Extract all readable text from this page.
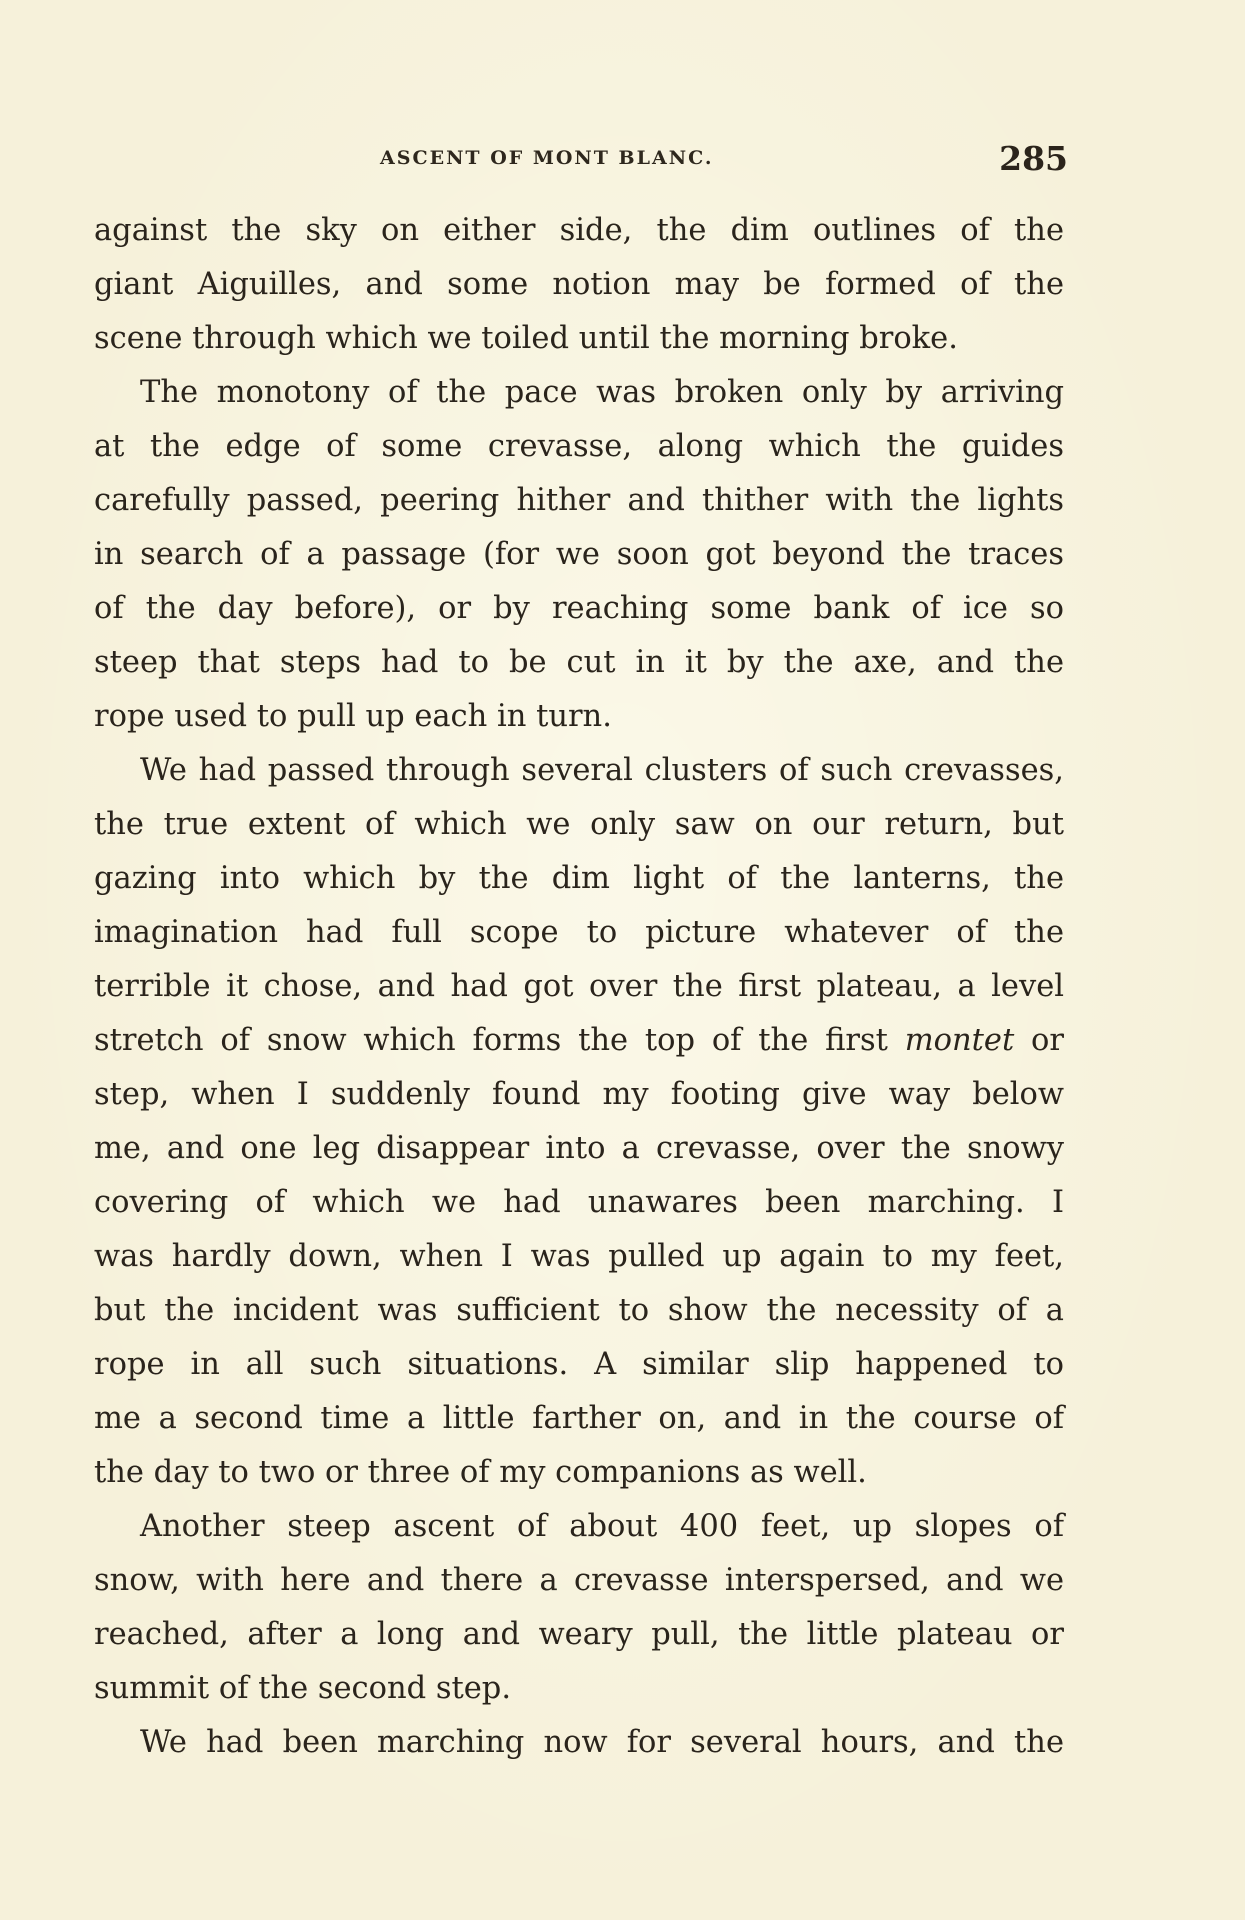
ASCENT OF MONT BLANC.	285
against the sky on either side, the dim outlines of the
giant Aiguilles, and some notion may be formed of the
scene through which we toiled until the morning broke.
The monotony of the pace was broken only by arriving
at the edge of some crevasse, along which the guides
carefully passed, peering hither and thither with the lights
in search of a passage (for we soon got beyond the traces
of the day before), or by reaching some bank of ice so
steep that steps had to be cut in it by the axe, and the
rope used to pull up each in turn.
We had passed through several clusters of such crevasses,
the true extent of which we only saw on our return, but
gazing into which by the dim light of the lanterns, the
imagination had full scope to picture whatever of the
terrible it chose, and had got over the first plateau, a level
stretch of snow which forms the top of the first montet or
step, when I suddenly found my footing give way below
me, and one leg disappear into a crevasse, over the snowy
covering of which we had unawares been marching. I
was hardly down, when I was pulled up again to my feet,
but the incident was sufficient to show the necessity of a
rope in all such situations. A similar slip happened to
me a second time a little farther on, and in the course of
the day to two or three of my companions as well.
Another steep ascent of about 400 feet, up slopes of
snow, with here and there a crevasse interspersed, and we
reached, after a long and weary pull, the little plateau or
summit of the second step.
We had been marching now for several hours, and the
